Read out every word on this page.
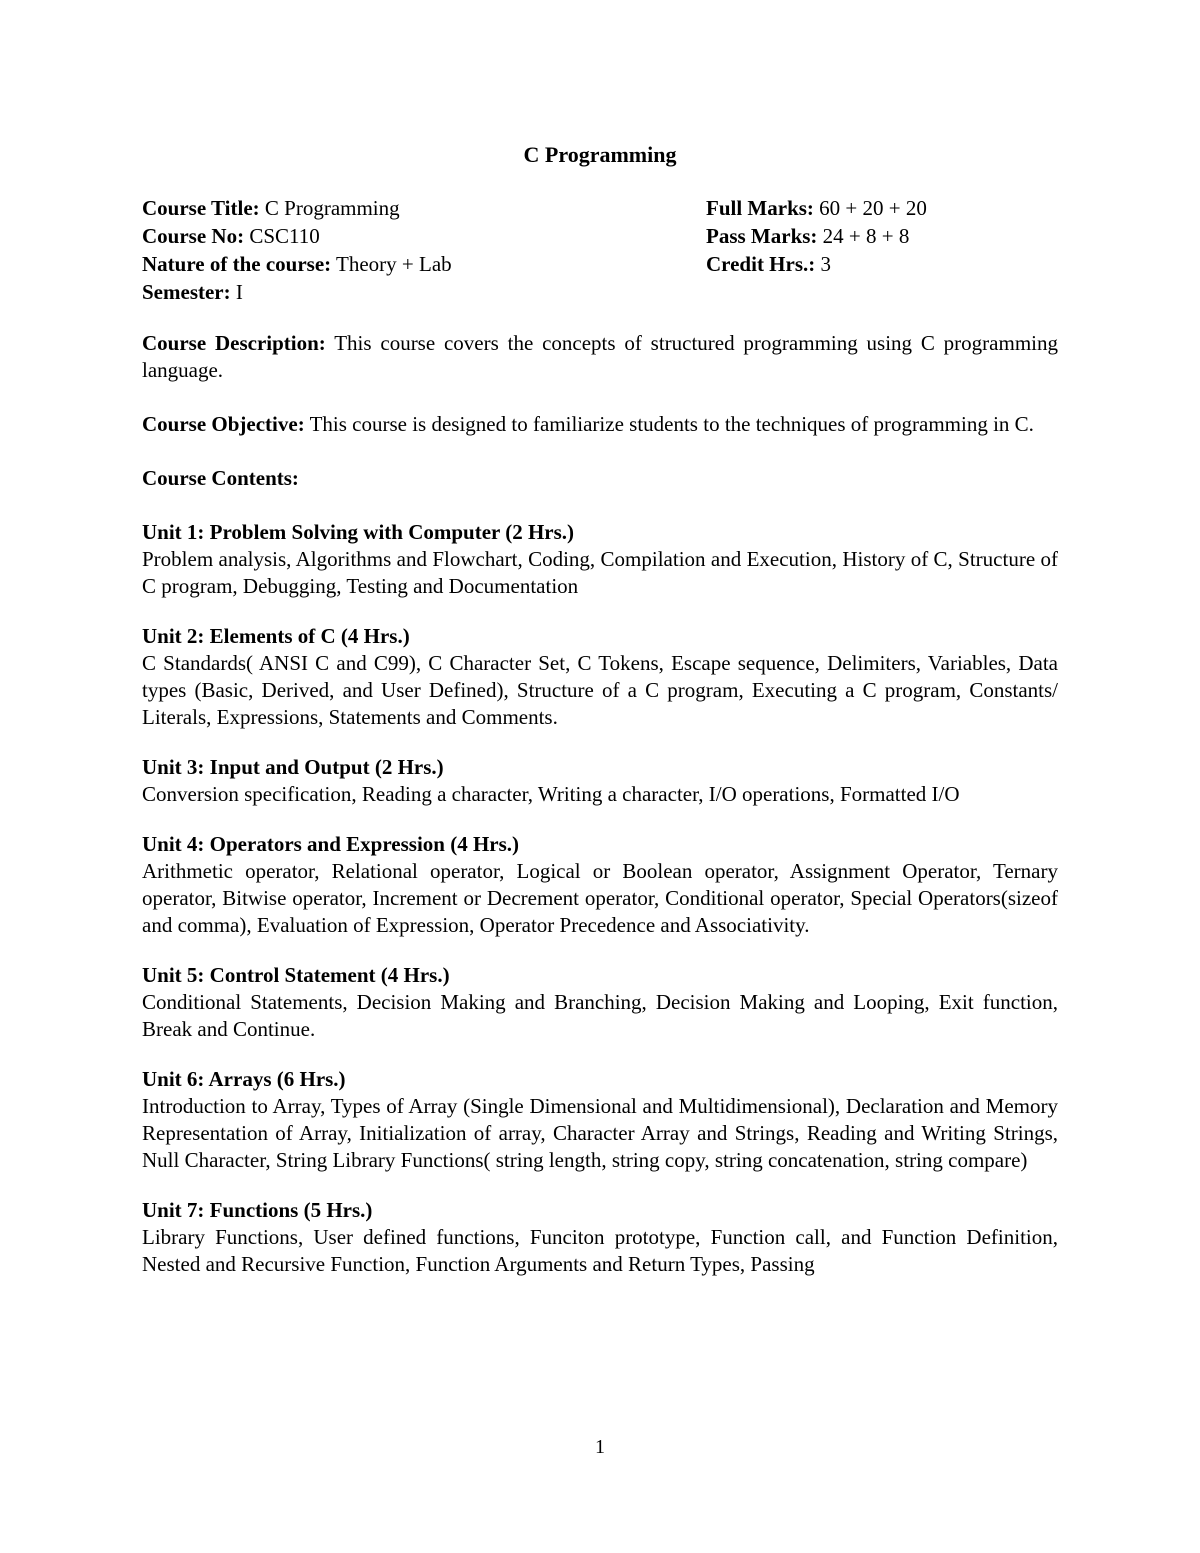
C Programming
Course Title: C Programming	Full Marks: 60 + 20 + 20
Course No: CSC110	Pass Marks: 24 + 8 + 8
Nature of the course: Theory + Lab	Credit Hrs.: 3
Semester: I

Course Description: This course covers the concepts of structured programming using C programming language.

Course Objective: This course is designed to familiarize students to the techniques of programming in C.

Course Contents:

Unit 1: Problem Solving with Computer (2 Hrs.)

Problem analysis, Algorithms and Flowchart, Coding, Compilation and Execution, History of C, Structure of C program, Debugging, Testing and Documentation

Unit 2: Elements of C (4 Hrs.)

C Standards( ANSI C and C99), C Character Set, C Tokens, Escape sequence, Delimiters, Variables, Data types (Basic, Derived, and User Defined), Structure of a C program, Executing a C program, Constants/ Literals, Expressions, Statements and Comments.

Unit 3: Input and Output (2 Hrs.)

Conversion specification, Reading a character, Writing a character, I/O operations, Formatted I/O

Unit 4: Operators and Expression (4 Hrs.)

Arithmetic operator, Relational operator, Logical or Boolean operator, Assignment Operator, Ternary operator, Bitwise operator, Increment or Decrement operator, Conditional operator, Special Operators(sizeof and comma), Evaluation of Expression, Operator Precedence and Associativity.

Unit 5: Control Statement (4 Hrs.)

Conditional Statements, Decision Making and Branching, Decision Making and Looping, Exit function, Break and Continue.

Unit 6: Arrays (6 Hrs.)

Introduction to Array, Types of Array (Single Dimensional and Multidimensional), Declaration and Memory Representation of Array, Initialization of array, Character Array and Strings, Reading and Writing Strings, Null Character, String Library Functions( string length, string copy, string concatenation, string compare)

Unit 7: Functions (5 Hrs.)

Library Functions, User defined functions, Funciton prototype, Function call, and Function Definition, Nested and Recursive Function, Function Arguments and Return Types, Passing

1
